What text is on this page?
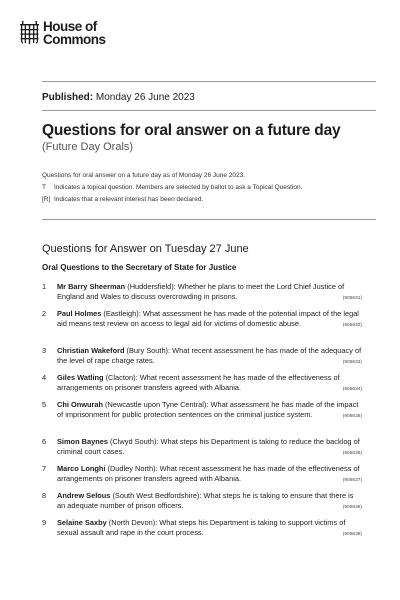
House of
Commons
Published: Monday 26 June 2023
Questions for oral answer on a future day
(Future Day Orals)
Questions for oral answer on a future day as of Monday 26 June 2023.
T	Indicates a topical question. Members are selected by ballot to ask a Topical Question.
[R] Indicates that a relevant interest has been declared.
Questions for Answer on Tuesday 27 June
Oral Questions to the Secretary of State for Justice
1	Mr Barry Sheerman (Huddersfield): Whether he plans to meet the Lord Chief Justice of England and Wales to discuss overcrowding in prisons.	(905631)
2	Paul Holmes (Eastleigh): What assessment he has made of the potential impact of the legal aid means test review on access to legal aid for victims of domestic abuse.	(905632)
3	Christian Wakeford (Bury South): What recent assessment he has made of the adequacy of the level of rape charge rates.	(905633)
4	Giles Watling (Clacton): What recent assessment he has made of the effectiveness of arrangements on prisoner transfers agreed with Albania.	(905634)
5	Chi Onwurah (Newcastle upon Tyne Central): What assessment he has made of the impact of imprisonment for public protection sentences on the criminal justice system.	(905635)
6	Simon Baynes (Clwyd South): What steps his Department is taking to reduce the backlog of criminal court cases.	(905636)
7	Marco Longhi (Dudley North): What recent assessment he has made of the effectiveness of arrangements on prisoner transfers agreed with Albania.	(905637)
8	Andrew Selous (South West Bedfordshire): What steps he is taking to ensure that there is an adequate number of prison officers.	(905638)
9	Selaine Saxby (North Devon): What steps his Department is taking to support victims of sexual assault and rape in the court process.	(905639)
